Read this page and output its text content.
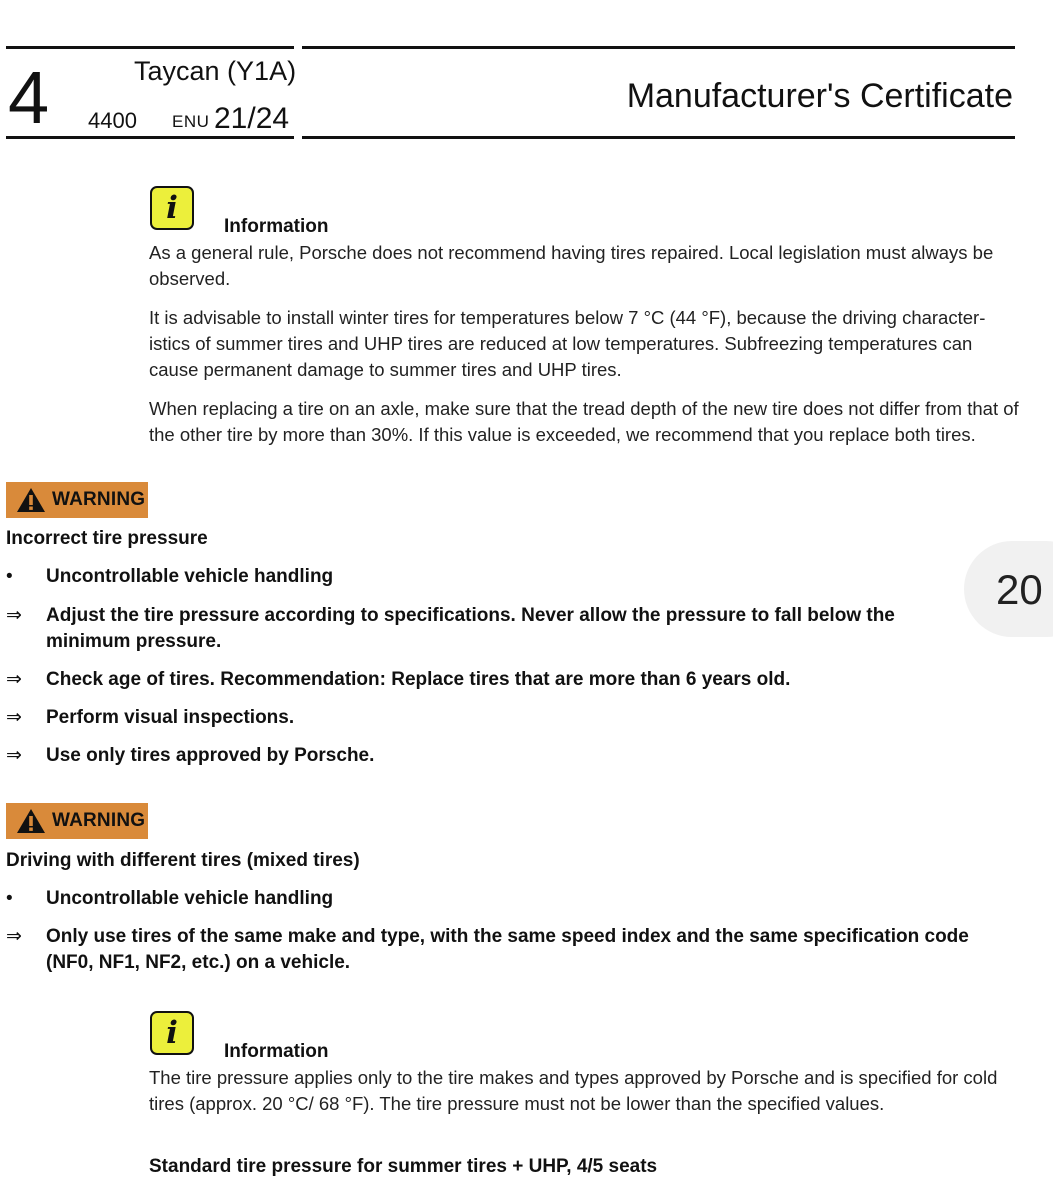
4	Taycan (Y1A)
4400 ENU 21/24
Manufacturer's Certificate
i
Information
As a general rule, Porsche does not recommend having tires repaired. Local legislation must always be observed.
It is advisable to install winter tires for temperatures below 7 °C (44 °F), because the driving character-istics of summer tires and UHP tires are reduced at low temperatures. Subfreezing temperatures can cause permanent damage to summer tires and UHP tires.
When replacing a tire on an axle, make sure that the tread depth of the new tire does not differ from that of the other tire by more than 30%. If this value is exceeded, we recommend that you replace both tires.
20
WARNING
Incorrect tire pressure
•	Uncontrollable vehicle handling
⇒	Adjust the tire pressure according to specifications. Never allow the pressure to fall below the minimum pressure.
⇒	Check age of tires. Recommendation: Replace tires that are more than 6 years old.
⇒	Perform visual inspections.
⇒	Use only tires approved by Porsche.
WARNING
Driving with different tires (mixed tires)
•	Uncontrollable vehicle handling
⇒	Only use tires of the same make and type, with the same speed index and the same specification code (NF0, NF1, NF2, etc.) on a vehicle.
i
Information
The tire pressure applies only to the tire makes and types approved by Porsche and is specified for cold tires (approx. 20 °C/ 68 °F). The tire pressure must not be lower than the specified values.
Standard tire pressure for summer tires + UHP, 4/5 seats
